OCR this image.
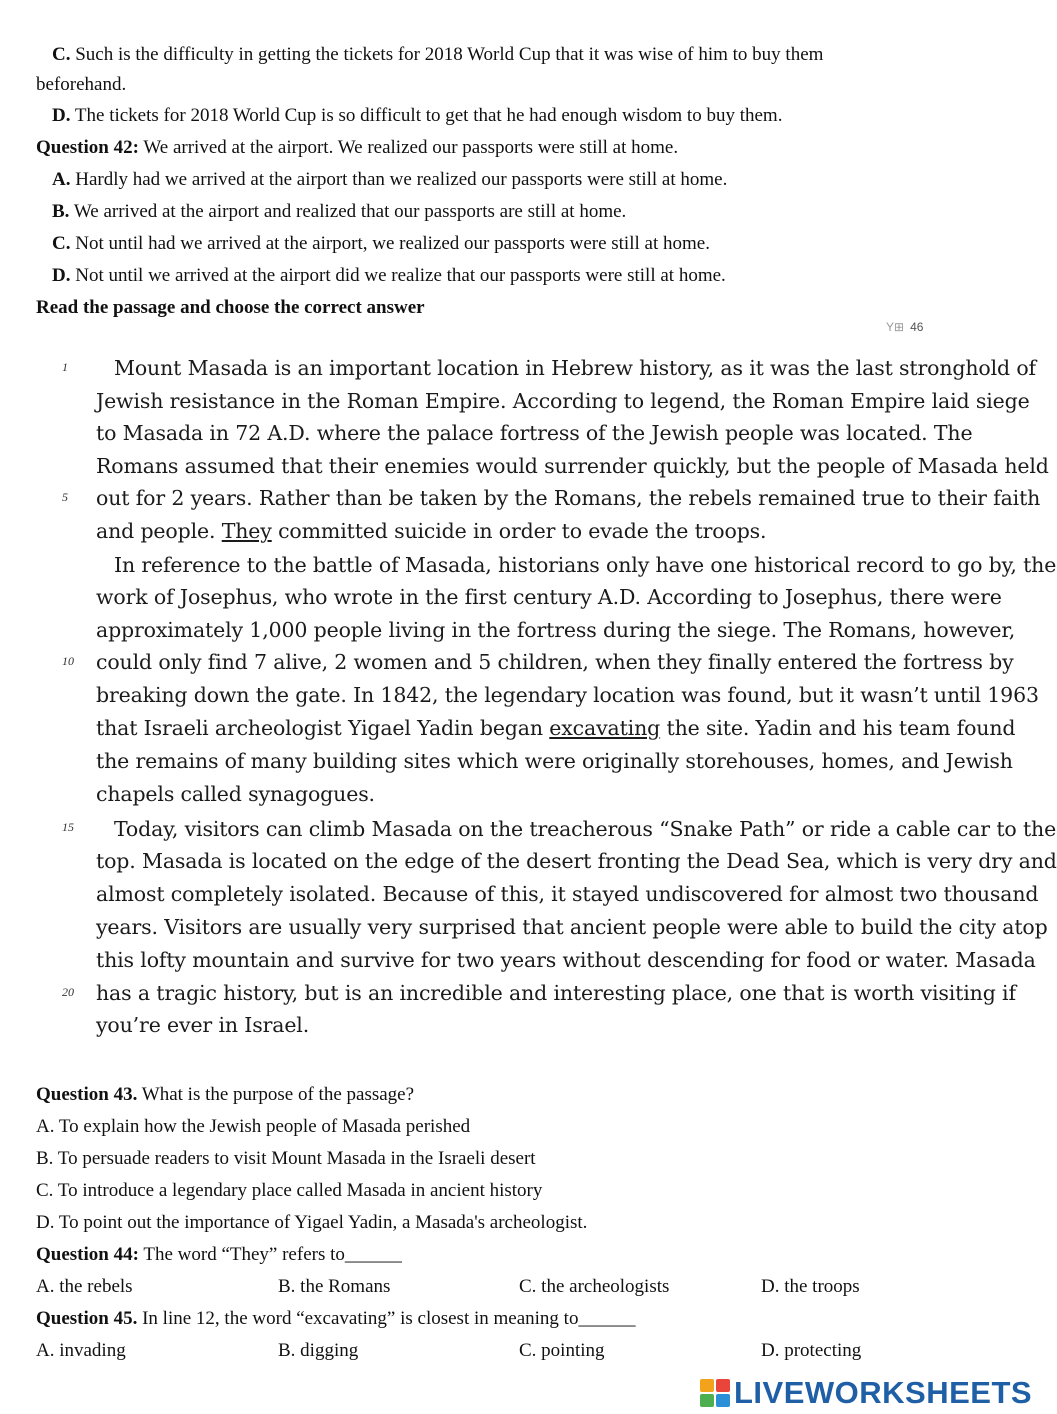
C. Such is the difficulty in getting the tickets for 2018 World Cup that it was wise of him to buy them
beforehand.
D. The tickets for 2018 World Cup is so difficult to get that he had enough wisdom to buy them.
Question 42: We arrived at the airport. We realized our passports were still at home.
A. Hardly had we arrived at the airport than we realized our passports were still at home.
B. We arrived at the airport and realized that our passports are still at home.
C. Not until had we arrived at the airport, we realized our passports were still at home.
D. Not until we arrived at the airport did we realize that our passports were still at home.
Read the passage and choose the correct answer
Y⊞ 46
1
5
10
15
20
Mount Masada is an important location in Hebrew history, as it was the last stronghold of
Jewish resistance in the Roman Empire. According to legend, the Roman Empire laid siege
to Masada in 72 A.D. where the palace fortress of the Jewish people was located. The
Romans assumed that their enemies would surrender quickly, but the people of Masada held
out for 2 years. Rather than be taken by the Romans, the rebels remained true to their faith
and people. They committed suicide in order to evade the troops.
In reference to the battle of Masada, historians only have one historical record to go by, the
work of Josephus, who wrote in the first century A.D. According to Josephus, there were
approximately 1,000 people living in the fortress during the siege. The Romans, however,
could only find 7 alive, 2 women and 5 children, when they finally entered the fortress by
breaking down the gate. In 1842, the legendary location was found, but it wasn’t until 1963
that Israeli archeologist Yigael Yadin began excavating the site. Yadin and his team found
the remains of many building sites which were originally storehouses, homes, and Jewish
chapels called synagogues.
Today, visitors can climb Masada on the treacherous “Snake Path” or ride a cable car to the
top. Masada is located on the edge of the desert fronting the Dead Sea, which is very dry and
almost completely isolated. Because of this, it stayed undiscovered for almost two thousand
years. Visitors are usually very surprised that ancient people were able to build the city atop
this lofty mountain and survive for two years without descending for food or water. Masada
has a tragic history, but is an incredible and interesting place, one that is worth visiting if
you’re ever in Israel.
Question 43. What is the purpose of the passage?
A. To explain how the Jewish people of Masada perished
B. To persuade readers to visit Mount Masada in the Israeli desert
C. To introduce a legendary place called Masada in ancient history
D. To point out the importance of Yigael Yadin, a Masada's archeologist.
Question 44: The word “They” refers to______
A. the rebels	B. the Romans	C. the archeologists	D. the troops
Question 45. In line 12, the word “excavating” is closest in meaning to______
A. invading	B. digging	C. pointing	D. protecting
LIVEWORKSHEETS
